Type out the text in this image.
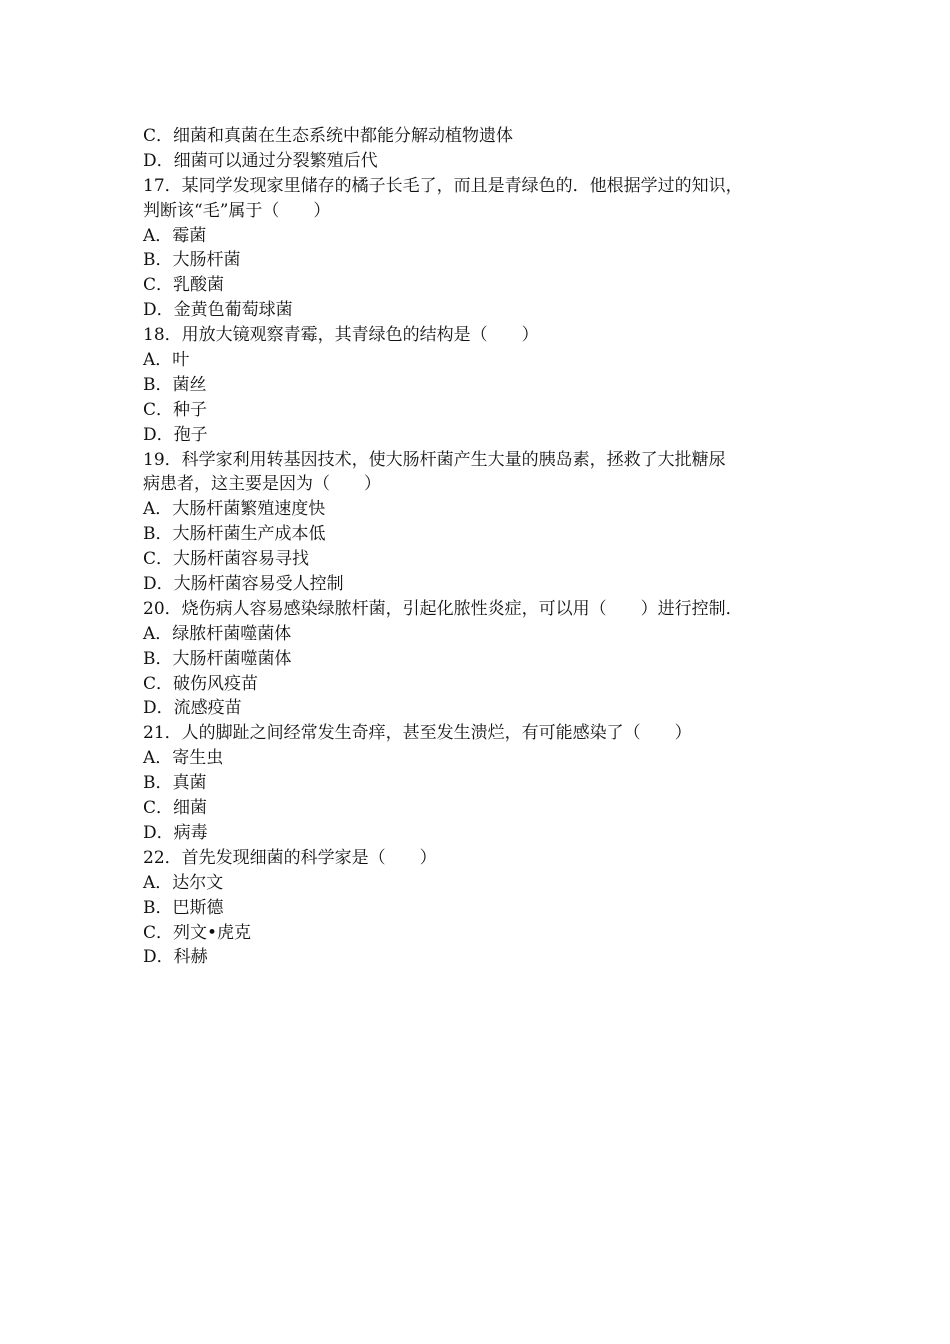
C．细菌和真菌在生态系统中都能分解动植物遗体
D．细菌可以通过分裂繁殖后代
17．某同学发现家里储存的橘子长毛了，而且是青绿色的．他根据学过的知识，
判断该“毛”属于（　　）
A．霉菌
B．大肠杆菌
C．乳酸菌
D．金黄色葡萄球菌
18．用放大镜观察青霉，其青绿色的结构是（　　）
A．叶
B．菌丝
C．种子
D．孢子
19．科学家利用转基因技术，使大肠杆菌产生大量的胰岛素，拯救了大批糖尿
病患者，这主要是因为（　　）
A．大肠杆菌繁殖速度快
B．大肠杆菌生产成本低
C．大肠杆菌容易寻找
D．大肠杆菌容易受人控制
20．烧伤病人容易感染绿脓杆菌，引起化脓性炎症，可以用（　　）进行控制．
A．绿脓杆菌噬菌体
B．大肠杆菌噬菌体
C．破伤风疫苗
D．流感疫苗
21．人的脚趾之间经常发生奇痒，甚至发生溃烂，有可能感染了（　　）
A．寄生虫
B．真菌
C．细菌
D．病毒
22．首先发现细菌的科学家是（　　）
A．达尔文
B．巴斯德
C．列文•虎克
D．科赫
